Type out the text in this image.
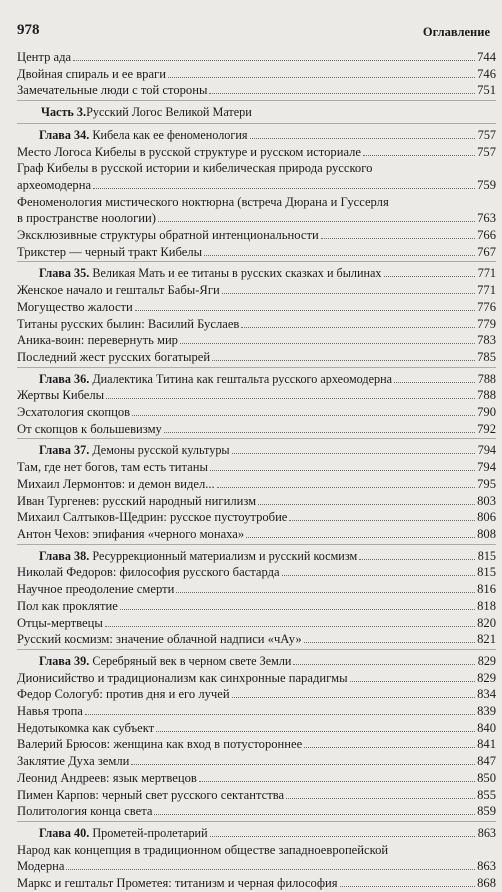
978	Оглавление
Центр ада	744
Двойная спираль и ее враги	746
Замечательные люди с той стороны	751
Часть 3. Русский Логос Великой Матери
Глава 34. Кибела как ее феноменология	757
Место Логоса Кибелы в русской структуре и русском историале	757
Граф Кибелы в русской истории и кибелическая природа русского
археомодерна	759
Феноменология мистического ноктюрна (встреча Дюрана и Гуссерля
в пространстве ноологии)	763
Эксклюзивные структуры обратной интенциональности	766
Трикстер — черный тракт Кибелы	767
Глава 35. Великая Мать и ее титаны в русских сказках и былинах	771
Женское начало и гештальт Бабы-Яги	771
Могущество жалости	776
Титаны русских былин: Василий Буслаев	779
Аника-воин: перевернуть мир	783
Последний жест русских богатырей	785
Глава 36. Диалектика Титина как гештальта русского археомодерна	788
Жертвы Кибелы	788
Эсхатология скопцов	790
От скопцов к большевизму	792
Глава 37. Демоны русской культуры	794
Там, где нет богов, там есть титаны	794
Михаил Лермонтов: и демон видел...	795
Иван Тургенев: русский народный нигилизм	803
Михаил Салтыков-Щедрин: русское пустоутробие	806
Антон Чехов: эпифания «черного монаха»	808
Глава 38. Ресуррекционный материализм и русский космизм	815
Николай Федоров: философия русского бастарда	815
Научное преодоление смерти	816
Пол как проклятие	818
Отцы-мертвецы	820
Русский космизм: значение облачной надписи «чАу»	821
Глава 39. Серебряный век в черном свете Земли	829
Дионисийство и традиционализм как синхронные парадигмы	829
Федор Сологуб: против дня и его лучей	834
Навья тропа	839
Недотыкомка как субъект	840
Валерий Брюсов: женщина как вход в потустороннее	841
Заклятие Духа земли	847
Леонид Андреев: язык мертвецов	850
Пимен Карпов: черный свет русского сектантства	855
Политология конца света	859
Глава 40. Прометей-пролетарий	863
Народ как концепция в традиционном обществе западноевропейской
Модерна	863
Маркс и гештальт Прометея: титанизм и черная философия	868
